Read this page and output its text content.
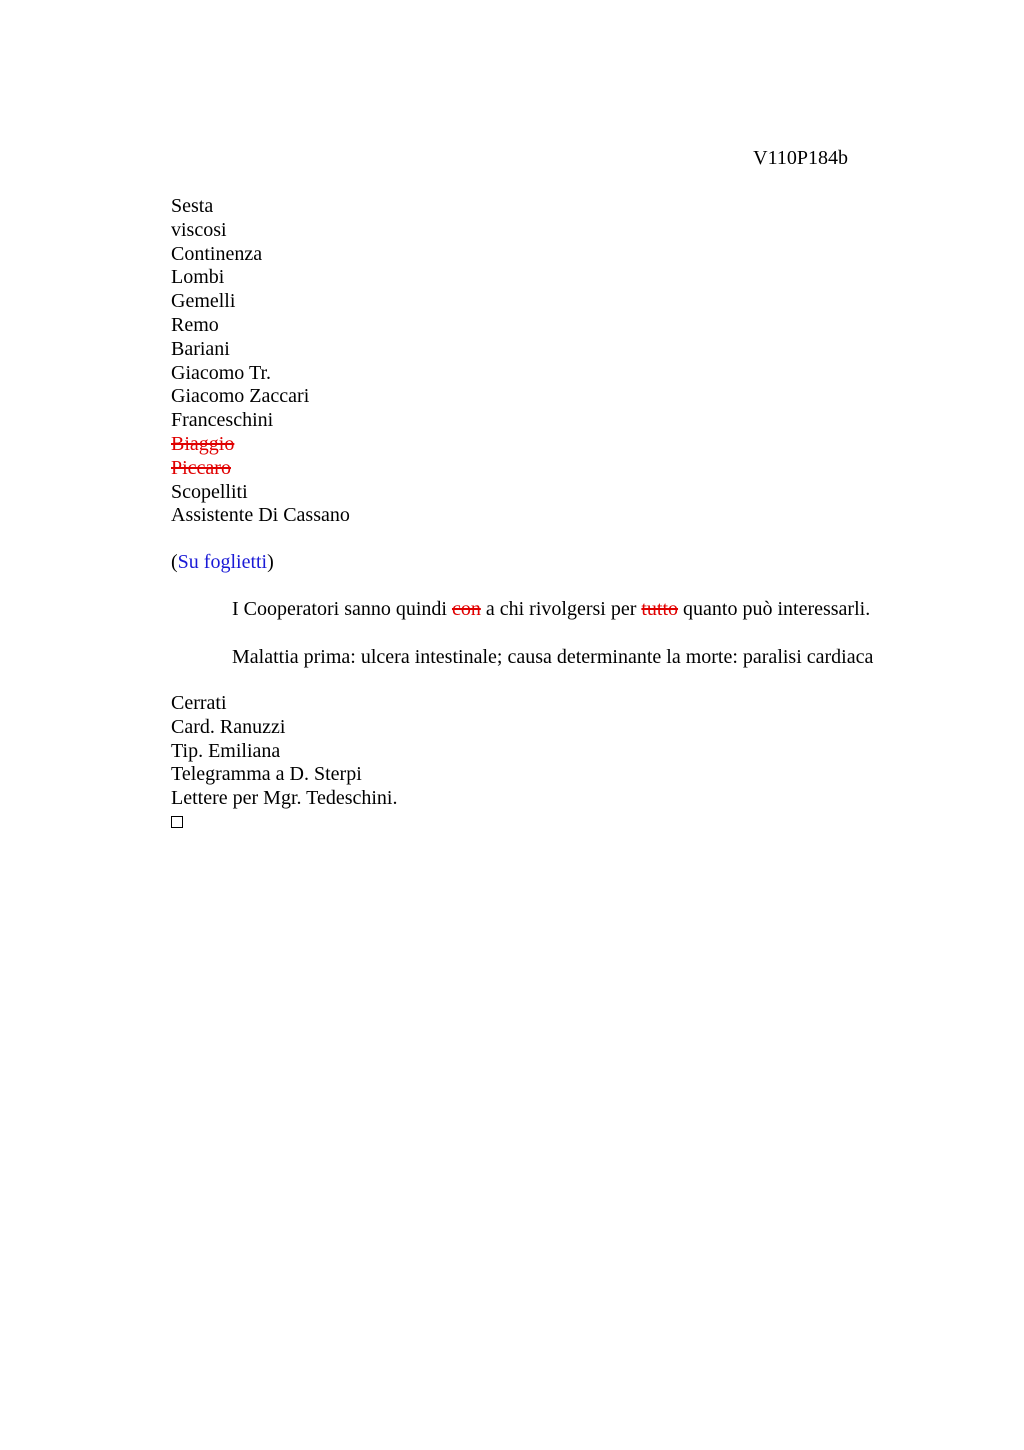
V110P184b
Sesta
viscosi
Continenza
Lombi
Gemelli
Remo
Bariani
Giacomo Tr.
Giacomo Zaccari
Franceschini
Biaggio
Piccaro
Scopelliti
Assistente Di Cassano
(Su foglietti)
I Cooperatori sanno quindi con a chi rivolgersi per tutto quanto può interessarli.
Malattia prima: ulcera intestinale; causa determinante la morte: paralisi cardiaca
Cerrati
Card. Ranuzzi
Tip. Emiliana
Telegramma a D. Sterpi
Lettere per Mgr. Tedeschini.
